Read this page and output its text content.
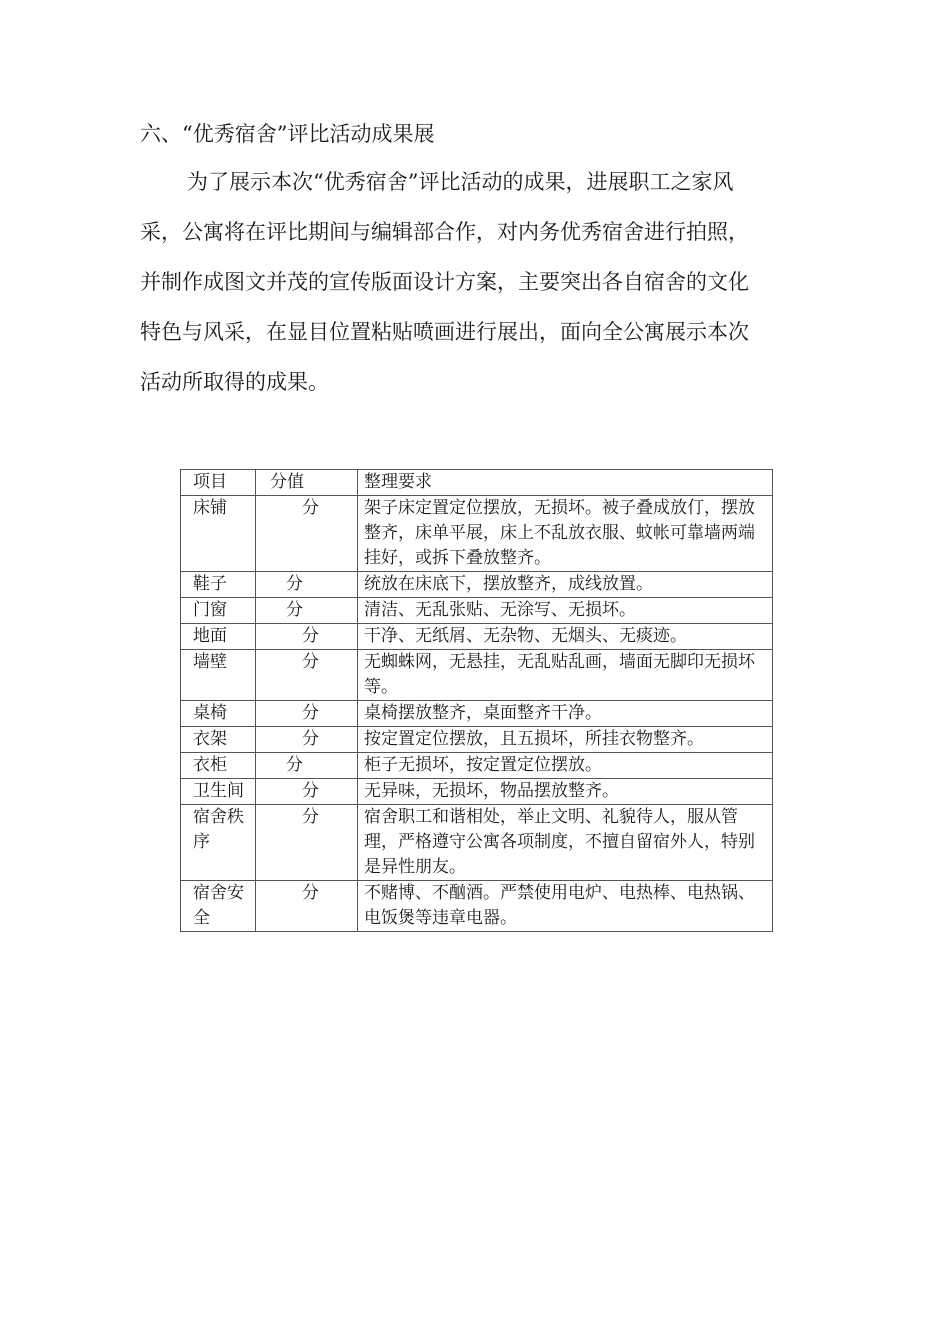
六、“优秀宿舍”评比活动成果展

为了展示本次“优秀宿舍”评比活动的成果，进展职工之家风

采，公寓将在评比期间与编辑部合作，对内务优秀宿舍进行拍照，

并制作成图文并茂的宣传版面设计方案，主要突出各自宿舍的文化

特色与风采，在显目位置粘贴喷画进行展出，面向全公寓展示本次

活动所取得的成果。

项目	分值	整理要求
床铺	分	架子床定置定位摆放，无损坏。被子叠成放仃，摆放整齐，床单平展，床上不乱放衣服、蚊帐可靠墙两端挂好，或拆下叠放整齐。
鞋子	分	统放在床底下，摆放整齐，成线放置。
门窗	分	清洁、无乱张贴、无涂写、无损坏。
地面	分	干净、无纸屑、无杂物、无烟头、无痰迹。
墙壁	分	无蜘蛛网，无悬挂，无乱贴乱画，墙面无脚印无损坏等。
桌椅	分	桌椅摆放整齐，桌面整齐干净。
衣架	分	按定置定位摆放，且五损坏，所挂衣物整齐。
衣柜	分	柜子无损坏，按定置定位摆放。
卫生间	分	无异味，无损坏，物品摆放整齐。
宿舍秩序	分	宿舍职工和谐相处，举止文明、礼貌待人，服从管理，严格遵守公寓各项制度，不擅自留宿外人，特别是异性朋友。
宿舍安全	分	不赌博、不酗酒。严禁使用电炉、电热棒、电热锅、电饭煲等违章电器。
